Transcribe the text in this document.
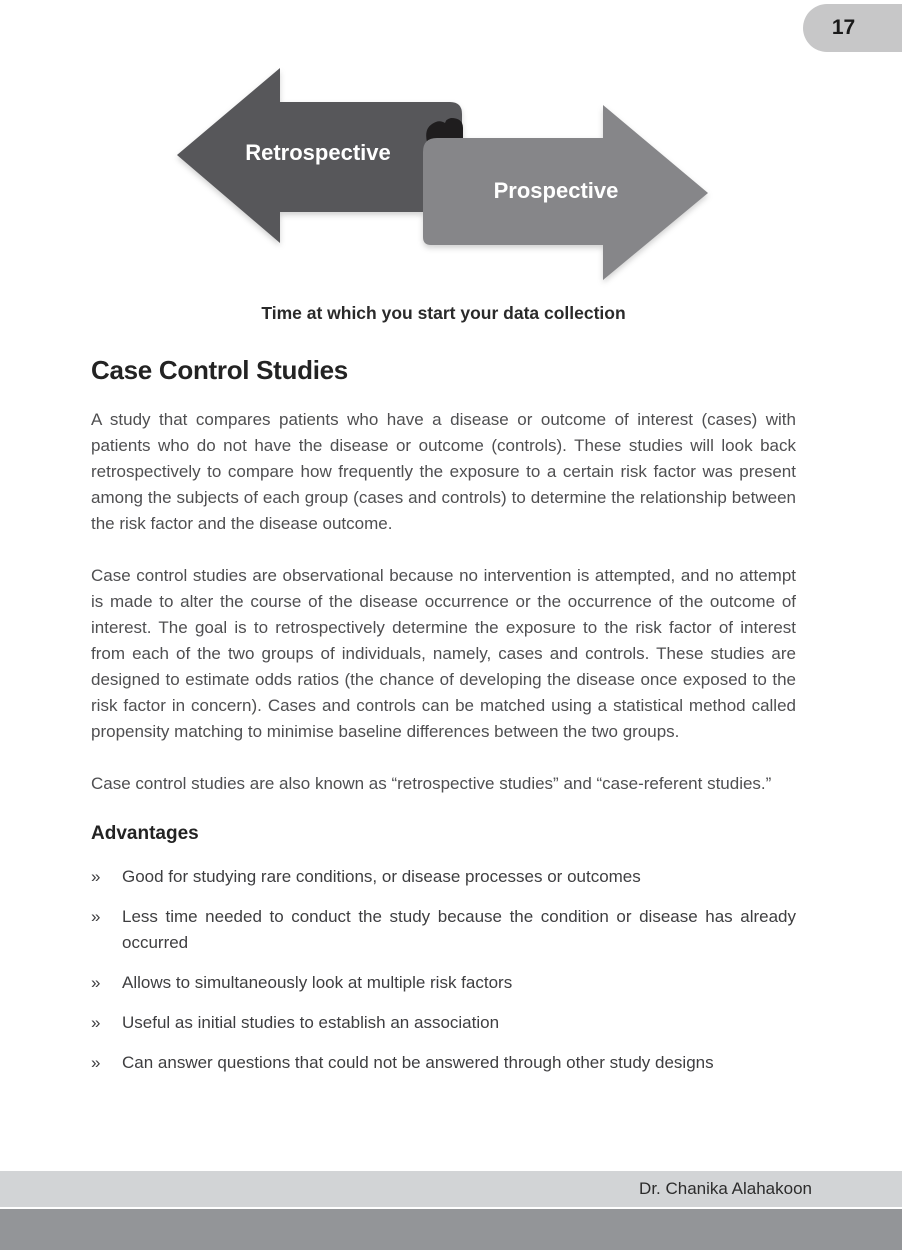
17
Retrospective
Prospective
Time at which you start your data collection
Case Control Studies

A study that compares patients who have a disease or outcome of interest (cases) with patients who do not have the disease or outcome (controls). These studies will look back retrospectively to compare how frequently the exposure to a certain risk factor was present among the subjects of each group (cases and controls) to determine the relationship between the risk factor and the disease outcome.

Case control studies are observational because no intervention is attempted, and no attempt is made to alter the course of the disease occurrence or the occurrence of the outcome of interest. The goal is to retrospectively determine the exposure to the risk factor of interest from each of the two groups of individuals, namely, cases and controls. These studies are designed to estimate odds ratios (the chance of developing the disease once exposed to the risk factor in concern). Cases and controls can be matched using a statistical method called propensity matching to minimise baseline differences between the two groups.

Case control studies are also known as “retrospective studies” and “case-referent studies.”

Advantages
» Good for studying rare conditions, or disease processes or outcomes
» Less time needed to conduct the study because the condition or disease has already occurred
» Allows to simultaneously look at multiple risk factors
» Useful as initial studies to establish an association
» Can answer questions that could not be answered through other study designs
Dr. Chanika Alahakoon
